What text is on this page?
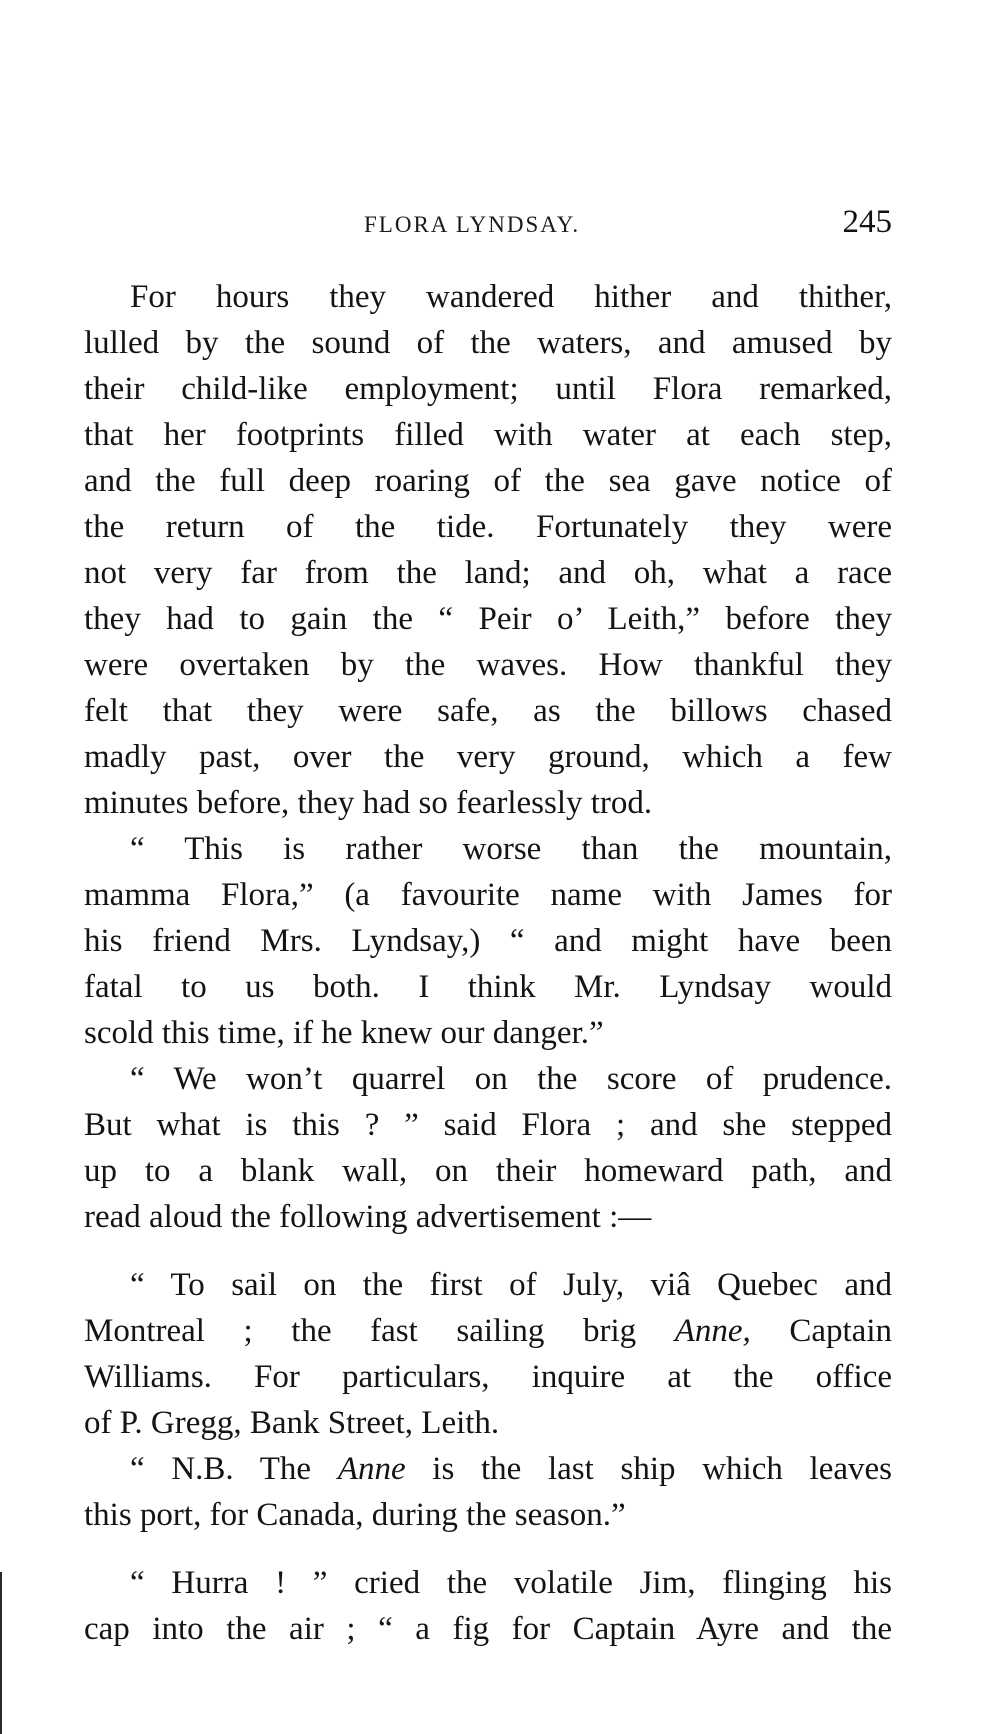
FLORA LYNDSAY.	245
For hours they wandered hither and thither,
lulled by the sound of the waters, and amused by
their child-like employment; until Flora remarked,
that her footprints filled with water at each step,
and the full deep roaring of the sea gave notice of
the return of the tide. Fortunately they were
not very far from the land; and oh, what a race
they had to gain the “ Peir o’ Leith,” before they
were overtaken by the waves. How thankful they
felt that they were safe, as the billows chased
madly past, over the very ground, which a few
minutes before, they had so fearlessly trod.
“ This is rather worse than the mountain,
mamma Flora,” (a favourite name with James for
his friend Mrs. Lyndsay,) “ and might have been
fatal to us both. I think Mr. Lyndsay would
scold this time, if he knew our danger.”
“ We won’t quarrel on the score of prudence.
But what is this ? ” said Flora ; and she stepped
up to a blank wall, on their homeward path, and
read aloud the following advertisement :—
“ To sail on the first of July, viâ Quebec and
Montreal ; the fast sailing brig Anne, Captain
Williams. For particulars, inquire at the office
of P. Gregg, Bank Street, Leith.
“ N.B. The Anne is the last ship which leaves
this port, for Canada, during the season.”
“ Hurra ! ” cried the volatile Jim, flinging his
cap into the air ; “ a fig for Captain Ayre and the
